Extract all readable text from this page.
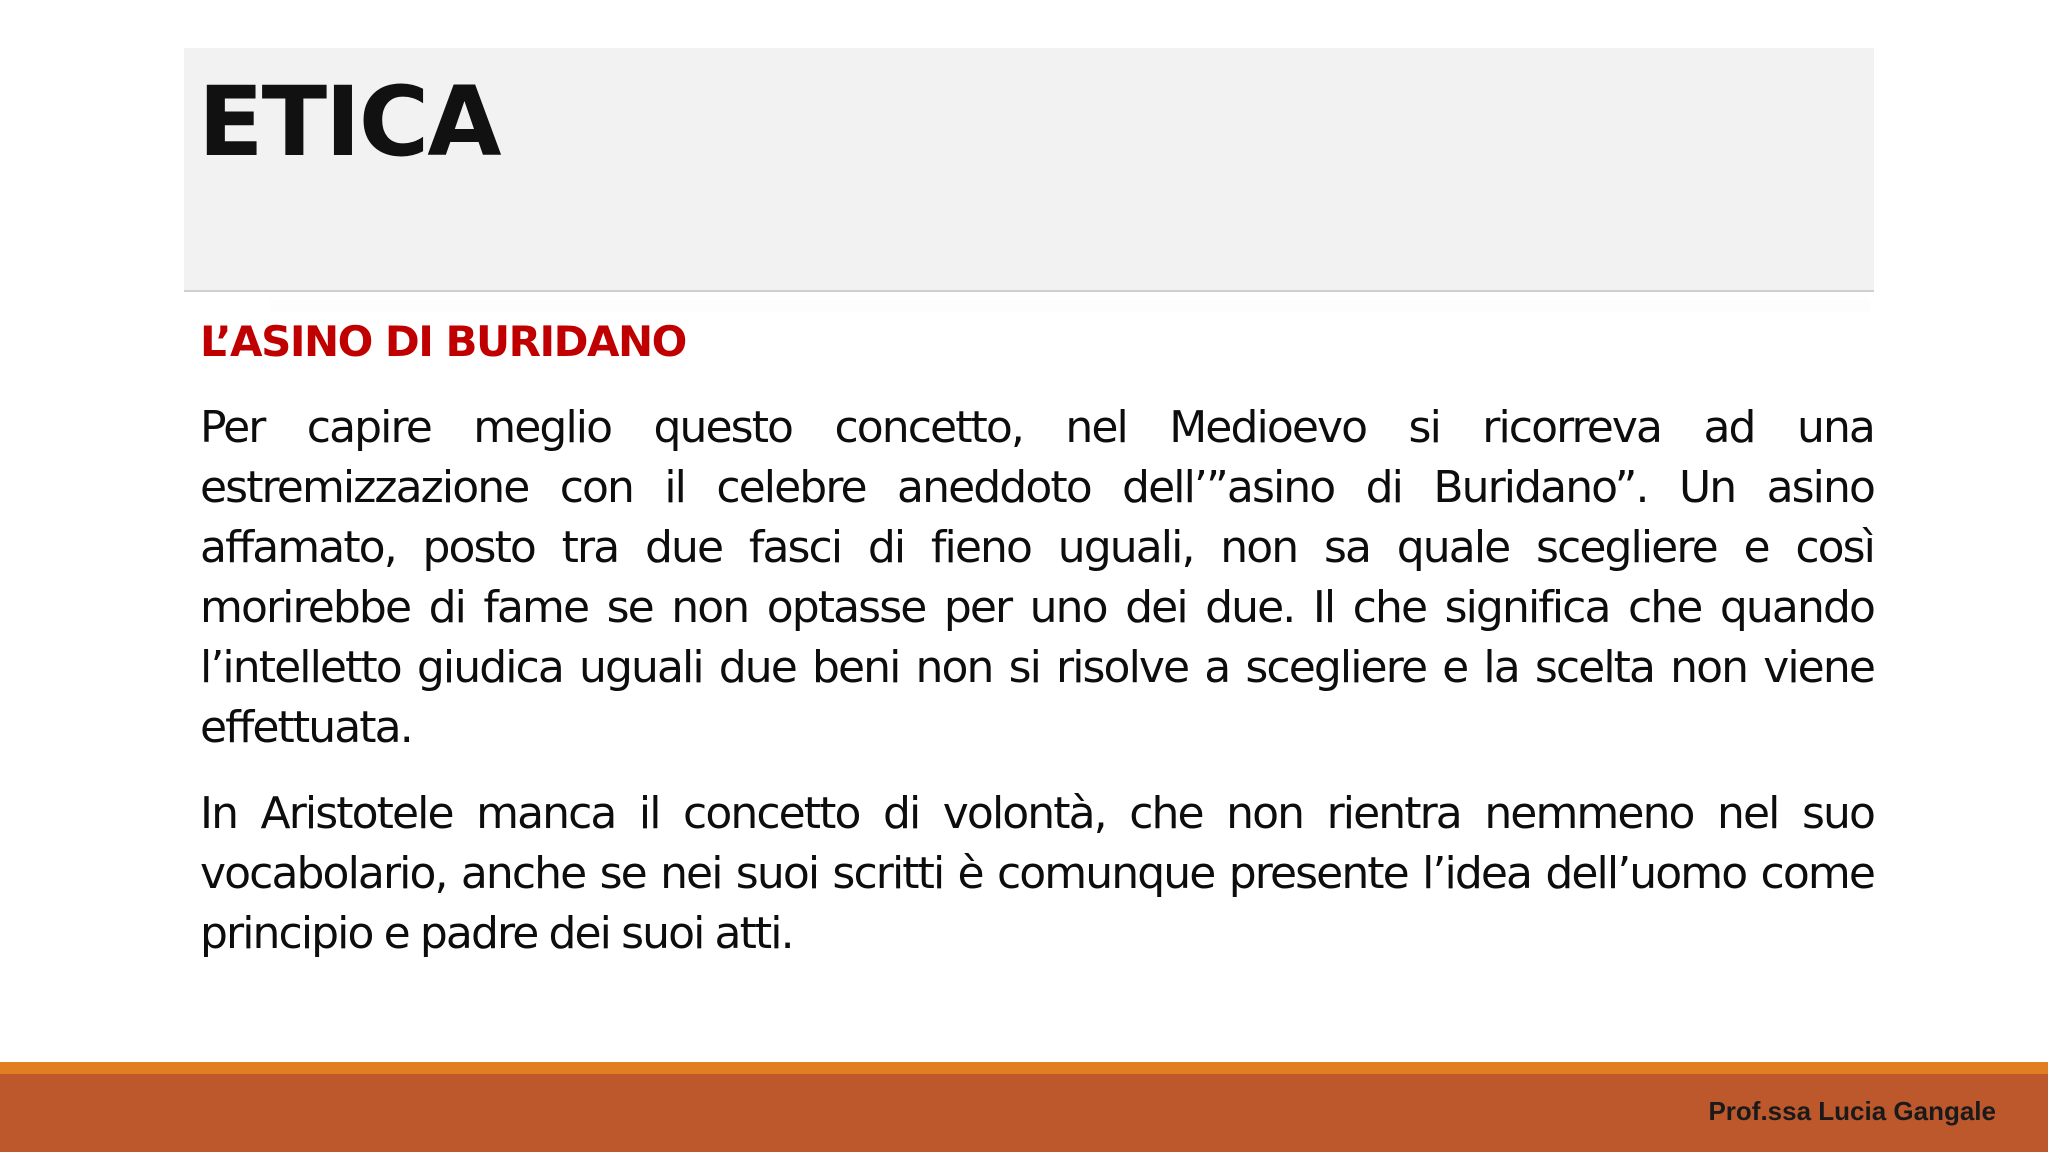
ETICA
L’ASINO DI BURIDANO

Per capire meglio questo concetto, nel Medioevo si ricorreva ad una estremizzazione con il celebre aneddoto dell’”asino di Buridano”. Un asino affamato, posto tra due fasci di fieno uguali, non sa quale scegliere e così morirebbe di fame se non optasse per uno dei due. Il che significa che quando l’intelletto giudica uguali due beni non si risolve a scegliere e la scelta non viene effettuata.

In Aristotele manca il concetto di volontà, che non rientra nemmeno nel suo vocabolario, anche se nei suoi scritti è comunque presente l’idea dell’uomo come principio e padre dei suoi atti.

Prof.ssa Lucia Gangale
